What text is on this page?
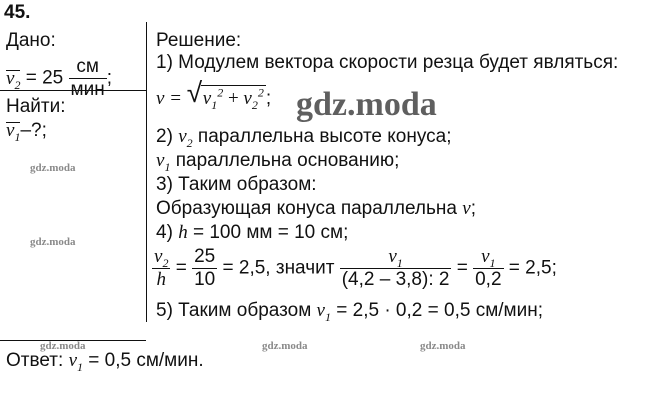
45.
Дано:
$v_2 = 25 \frac{см}{\text{мин}}$ ;
Найти:
$v_1-$?;
Решение:
1) Модулем вектора скорости резца будет являться:
v = √ $v_1^2 + v_2^2$ ;
2) $v_2$ параллельна высоте конуса;
$v_1$ параллельна основанию;
3) Таким образом:
Образующая конуса параллельна v;
4) h = 100 мм = 10 см;
$\frac{v_2}{h} = \frac{25}{10} = 2,5$, значит $\frac{v_1}{(4,2 - 3,8): 2} = \frac{v_1}{0,2} = 2,5$;
5) Таким образом $v_1 = 2,5 \cdot 0,2 = 0,5$ см/мин;
Ответ: $v_1 = 0,5$ см/мин.
gdz.moda
gdz.moda
gdz.moda
gdz.moda	gdz.moda	gdz.moda
